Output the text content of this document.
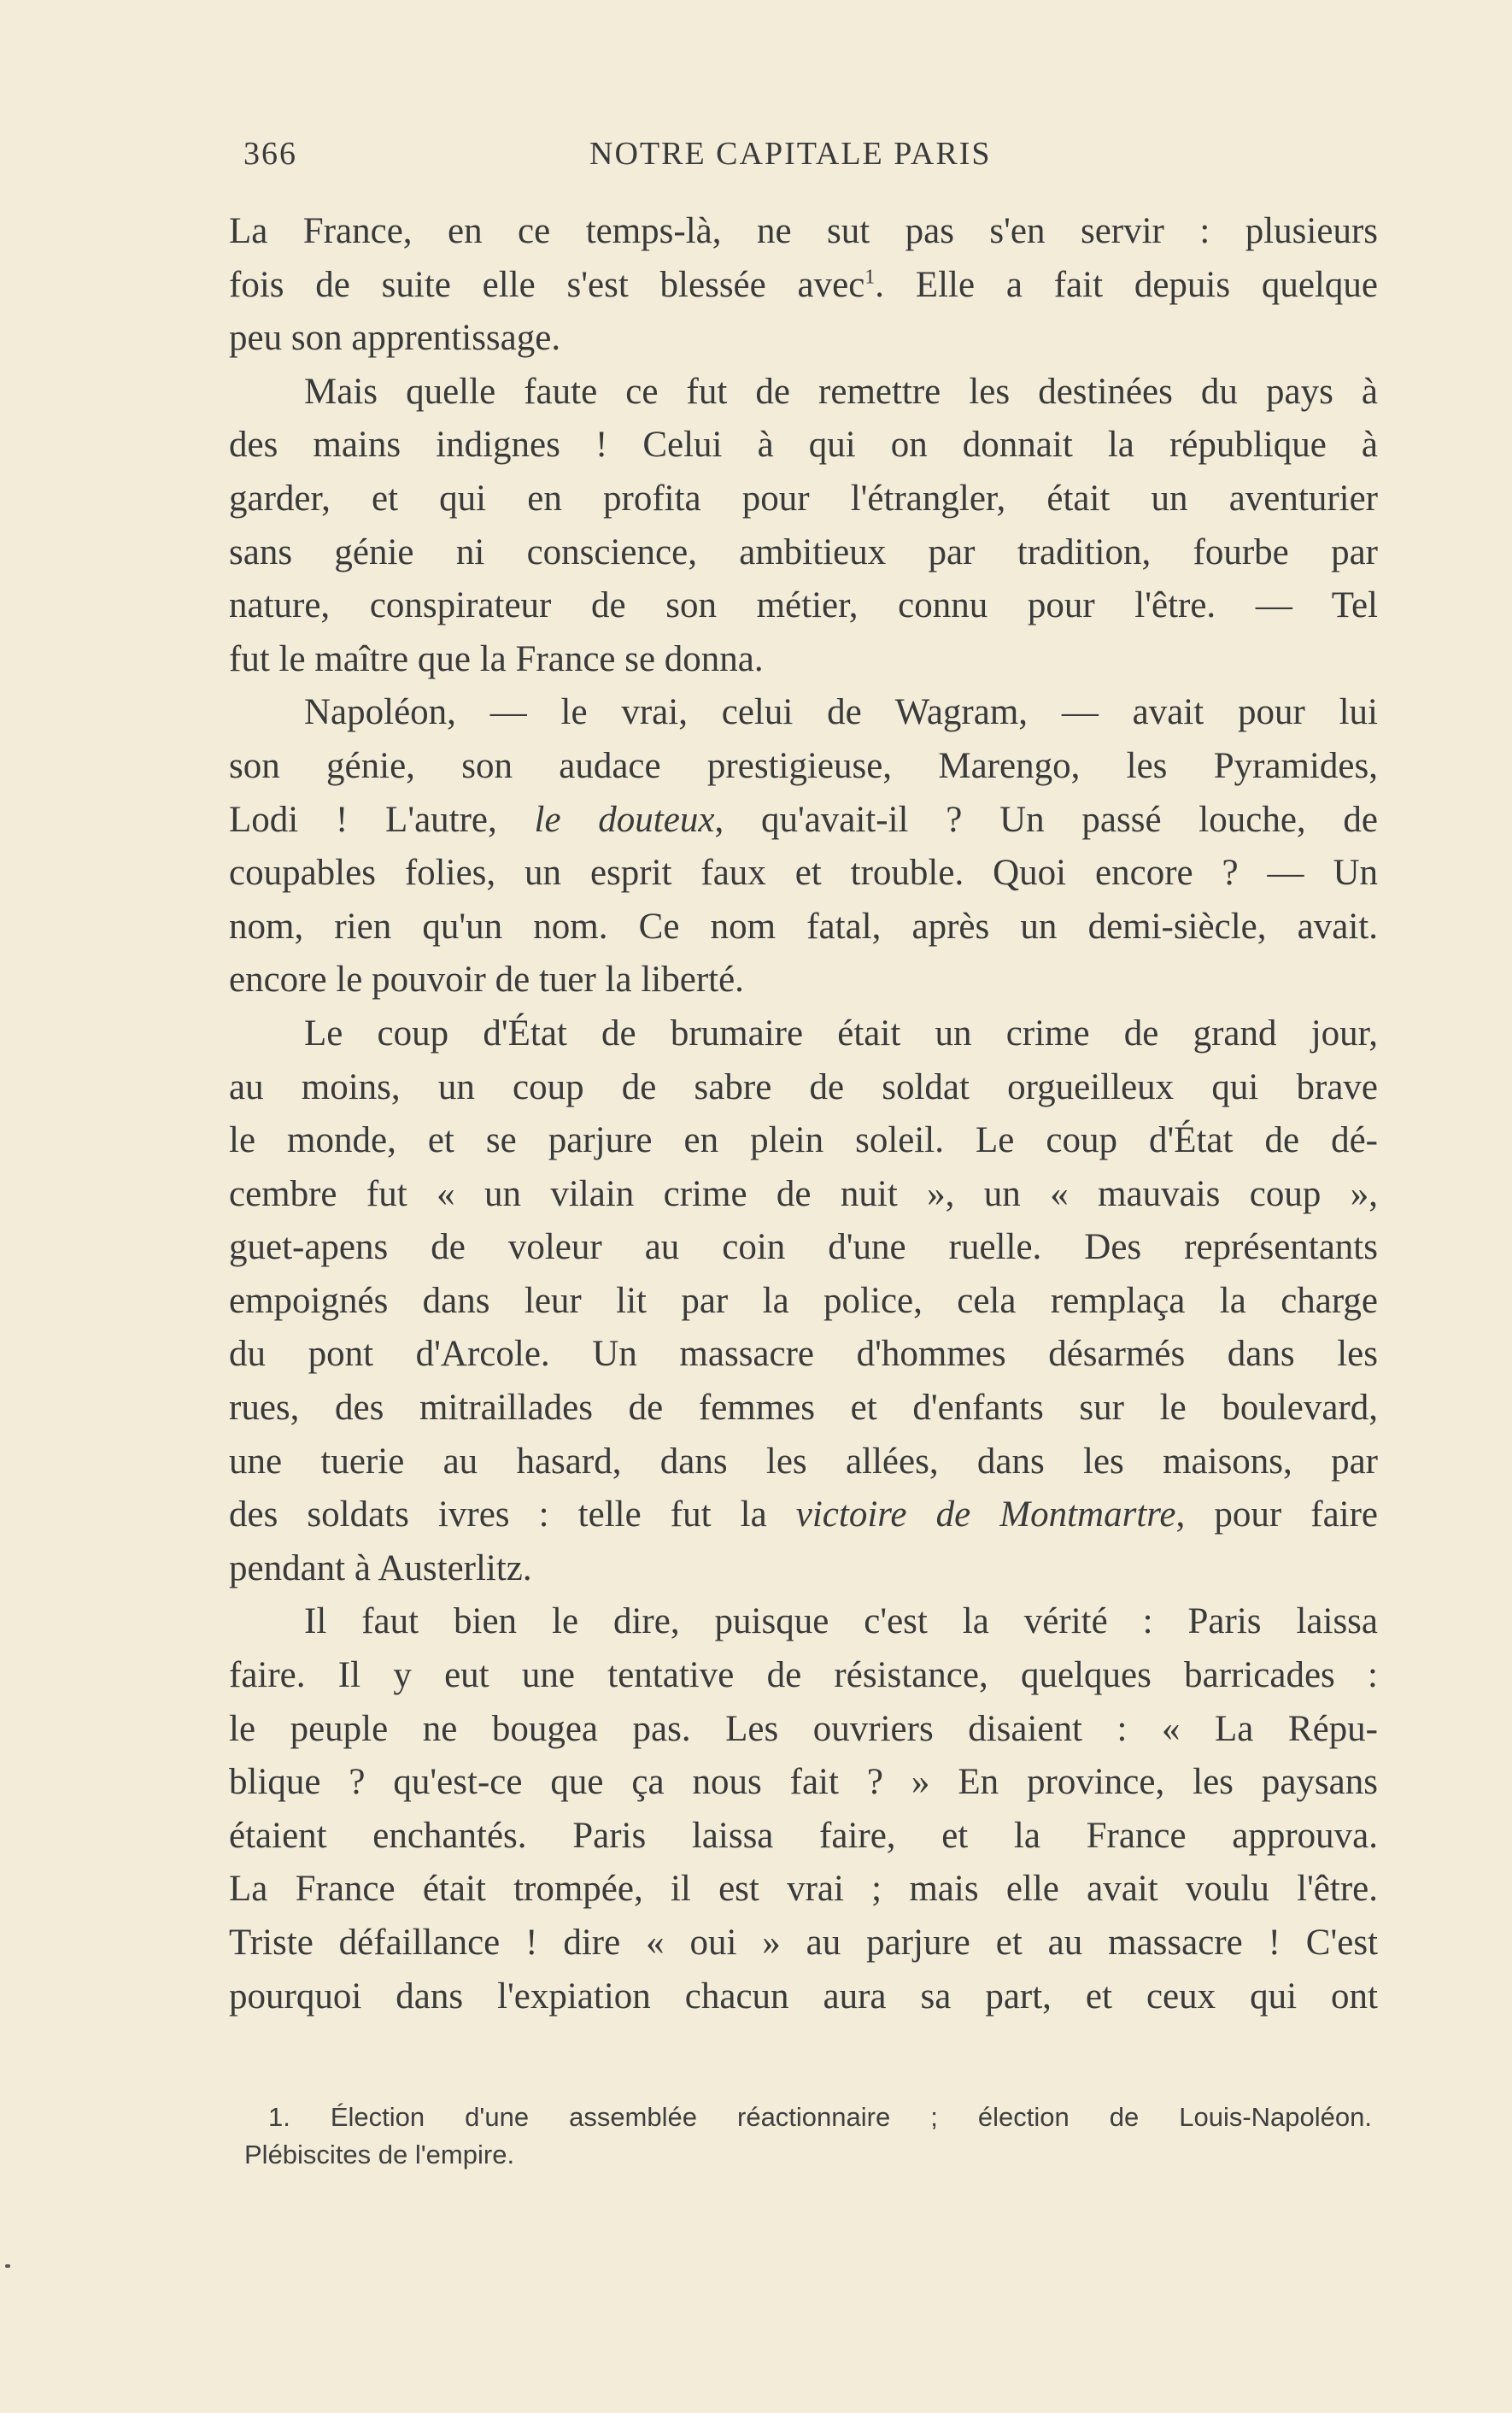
366	NOTRE CAPITALE PARIS
La France, en ce temps-là, ne sut pas s'en servir : plusieurs
fois de suite elle s'est blessée avec$^1$. Elle a fait depuis quelque
peu son apprentissage.
Mais quelle faute ce fut de remettre les destinées du pays à
des mains indignes ! Celui à qui on donnait la république à
garder, et qui en profita pour l'étrangler, était un aventurier
sans génie ni conscience, ambitieux par tradition, fourbe par
nature, conspirateur de son métier, connu pour l'être. — Tel
fut le maître que la France se donna.
Napoléon, — le vrai, celui de Wagram, — avait pour lui
son génie, son audace prestigieuse, Marengo, les Pyramides,
Lodi ! L'autre, le douteux, qu'avait-il ? Un passé louche, de
coupables folies, un esprit faux et trouble. Quoi encore ? — Un
nom, rien qu'un nom. Ce nom fatal, après un demi-siècle, avait.
encore le pouvoir de tuer la liberté.
Le coup d'État de brumaire était un crime de grand jour,
au moins, un coup de sabre de soldat orgueilleux qui brave
le monde, et se parjure en plein soleil. Le coup d'État de dé-
cembre fut « un vilain crime de nuit », un « mauvais coup »,
guet-apens de voleur au coin d'une ruelle. Des représentants
empoignés dans leur lit par la police, cela remplaça la charge
du pont d'Arcole. Un massacre d'hommes désarmés dans les
rues, des mitraillades de femmes et d'enfants sur le boulevard,
une tuerie au hasard, dans les allées, dans les maisons, par
des soldats ivres : telle fut la victoire de Montmartre, pour faire
pendant à Austerlitz.
Il faut bien le dire, puisque c'est la vérité : Paris laissa
faire. Il y eut une tentative de résistance, quelques barricades :
le peuple ne bougea pas. Les ouvriers disaient : « La Répu-
blique ? qu'est-ce que ça nous fait ? » En province, les paysans
étaient enchantés. Paris laissa faire, et la France approuva.
La France était trompée, il est vrai ; mais elle avait voulu l'être.
Triste défaillance ! dire « oui » au parjure et au massacre ! C'est
pourquoi dans l'expiation chacun aura sa part, et ceux qui ont
1. Élection d'une assemblée réactionnaire ; élection de Louis-Napoléon.
Plébiscites de l'empire.
